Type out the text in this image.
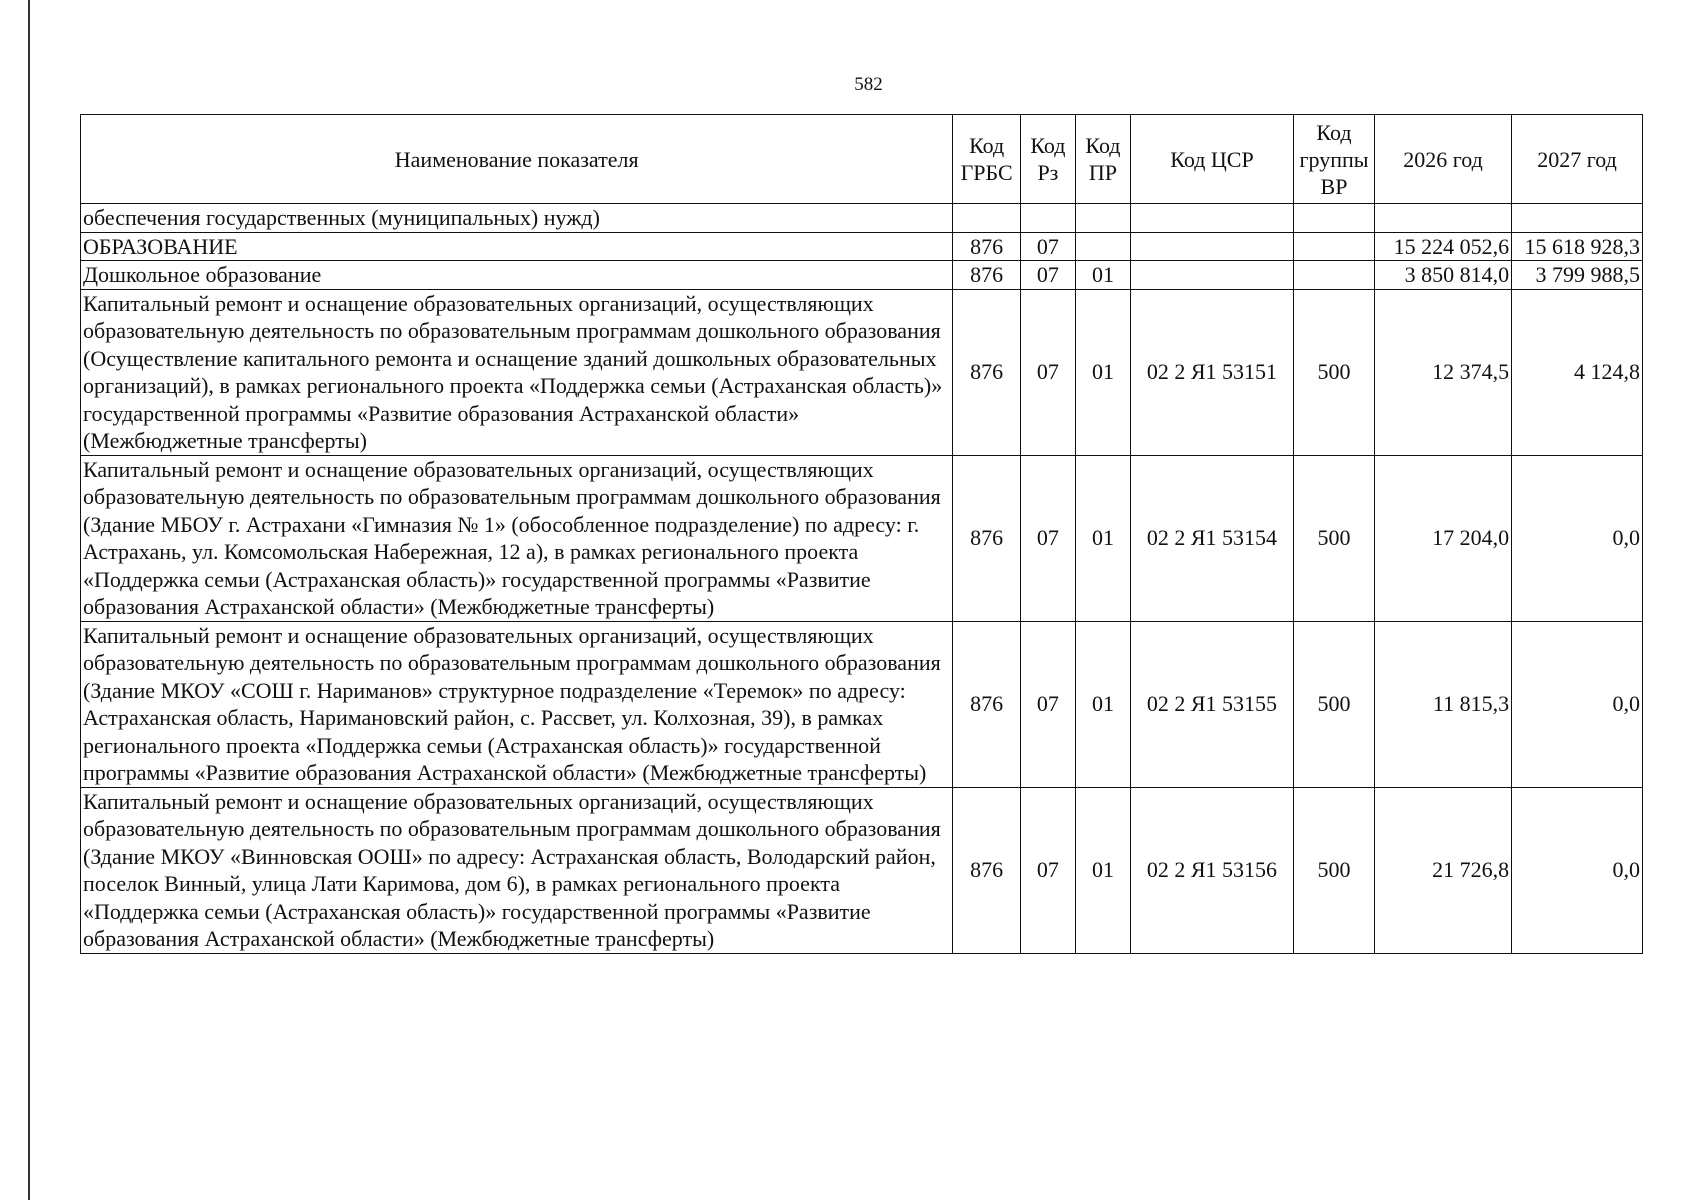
582
Наименование показателя	Код ГРБС	Код Рз	Код ПР	Код ЦСР	Код группы ВР	2026 год	2027 год
обеспечения государственных (муниципальных) нужд)							
ОБРАЗОВАНИЕ	876	07				15 224 052,6	15 618 928,3
Дошкольное образование	876	07	01			3 850 814,0	3 799 988,5
Капитальный ремонт и оснащение образовательных организаций, осуществляющих образовательную деятельность по образовательным программам дошкольного образования (Осуществление капитального ремонта и оснащение зданий дошкольных образовательных организаций), в рамках регионального проекта «Поддержка семьи (Астраханская область)» государственной программы «Развитие образования Астраханской области» (Межбюджетные трансферты)	876	07	01	02 2 Я1 53151	500	12 374,5	4 124,8
Капитальный ремонт и оснащение образовательных организаций, осуществляющих образовательную деятельность по образовательным программам дошкольного образования (Здание МБОУ г. Астрахани «Гимназия № 1» (обособленное подразделение) по адресу: г. Астрахань, ул. Комсомольская Набережная, 12 а), в рамках регионального проекта «Поддержка семьи (Астраханская область)» государственной программы «Развитие образования Астраханской области» (Межбюджетные трансферты)	876	07	01	02 2 Я1 53154	500	17 204,0	0,0
Капитальный ремонт и оснащение образовательных организаций, осуществляющих образовательную деятельность по образовательным программам дошкольного образования (Здание МКОУ «СОШ г. Нариманов» структурное подразделение «Теремок» по адресу: Астраханская область, Наримановский район, с. Рассвет, ул. Колхозная, 39), в рамках регионального проекта «Поддержка семьи (Астраханская область)» государственной программы «Развитие образования Астраханской области» (Межбюджетные трансферты)	876	07	01	02 2 Я1 53155	500	11 815,3	0,0
Капитальный ремонт и оснащение образовательных организаций, осуществляющих образовательную деятельность по образовательным программам дошкольного образования (Здание МКОУ «Винновская ООШ» по адресу: Астраханская область, Володарский район, поселок Винный, улица Лати Каримова, дом 6), в рамках регионального проекта «Поддержка семьи (Астраханская область)» государственной программы «Развитие образования Астраханской области» (Межбюджетные трансферты)	876	07	01	02 2 Я1 53156	500	21 726,8	0,0
